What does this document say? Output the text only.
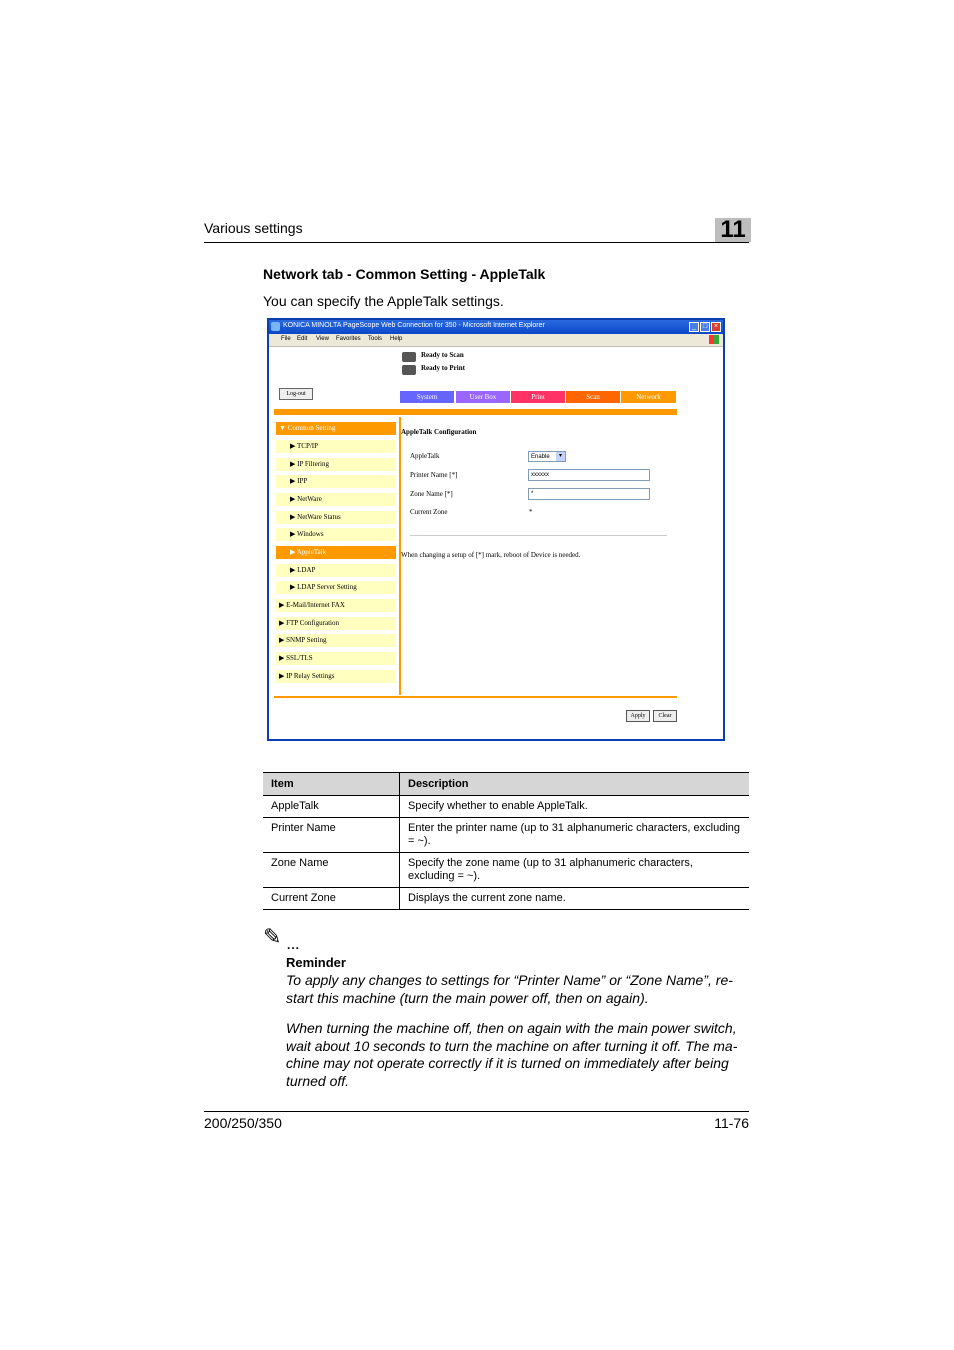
Various settings	11
Network tab - Common Setting - AppleTalk
You can specify the AppleTalk settings.
KONICA MINOLTA PageScope Web Connection for 350 - Microsoft Internet Explorer	_ □ ×
File Edit View Favorites Tools Help
Ready to Scan
Ready to Print
Log-out	System	User Box	Print	Scan	Network
▼ Common Setting
▶ TCP/IP
▶ IP Filtering
▶ IPP
▶ NetWare
▶ NetWare Status
▶ Windows
▶ AppleTalk
▶ LDAP
▶ LDAP Server Setting
▶ E-Mail/Internet FAX
▶ FTP Configuration
▶ SNMP Setting
▶ SSL/TLS
▶ IP Relay Settings
AppleTalk Configuration
AppleTalk	Enable	▾
Printer Name [*]	xxxxxx
Zone Name [*]	*
Current Zone	*
When changing a setup of [*] mark, reboot of Device is needed.
Apply	Clear
Item	Description
AppleTalk	Specify whether to enable AppleTalk.
Printer Name	Enter the printer name (up to 31 alphanumeric characters, excluding = ~).
Zone Name	Specify the zone name (up to 31 alphanumeric characters, excluding = ~).
Current Zone	Displays the current zone name.
✎ ...
Reminder
To apply any changes to settings for “Printer Name” or “Zone Name”, re-start this machine (turn the main power off, then on again).
When turning the machine off, then on again with the main power switch, wait about 10 seconds to turn the machine on after turning it off. The ma-chine may not operate correctly if it is turned on immediately after being turned off.
200/250/350	11-76
